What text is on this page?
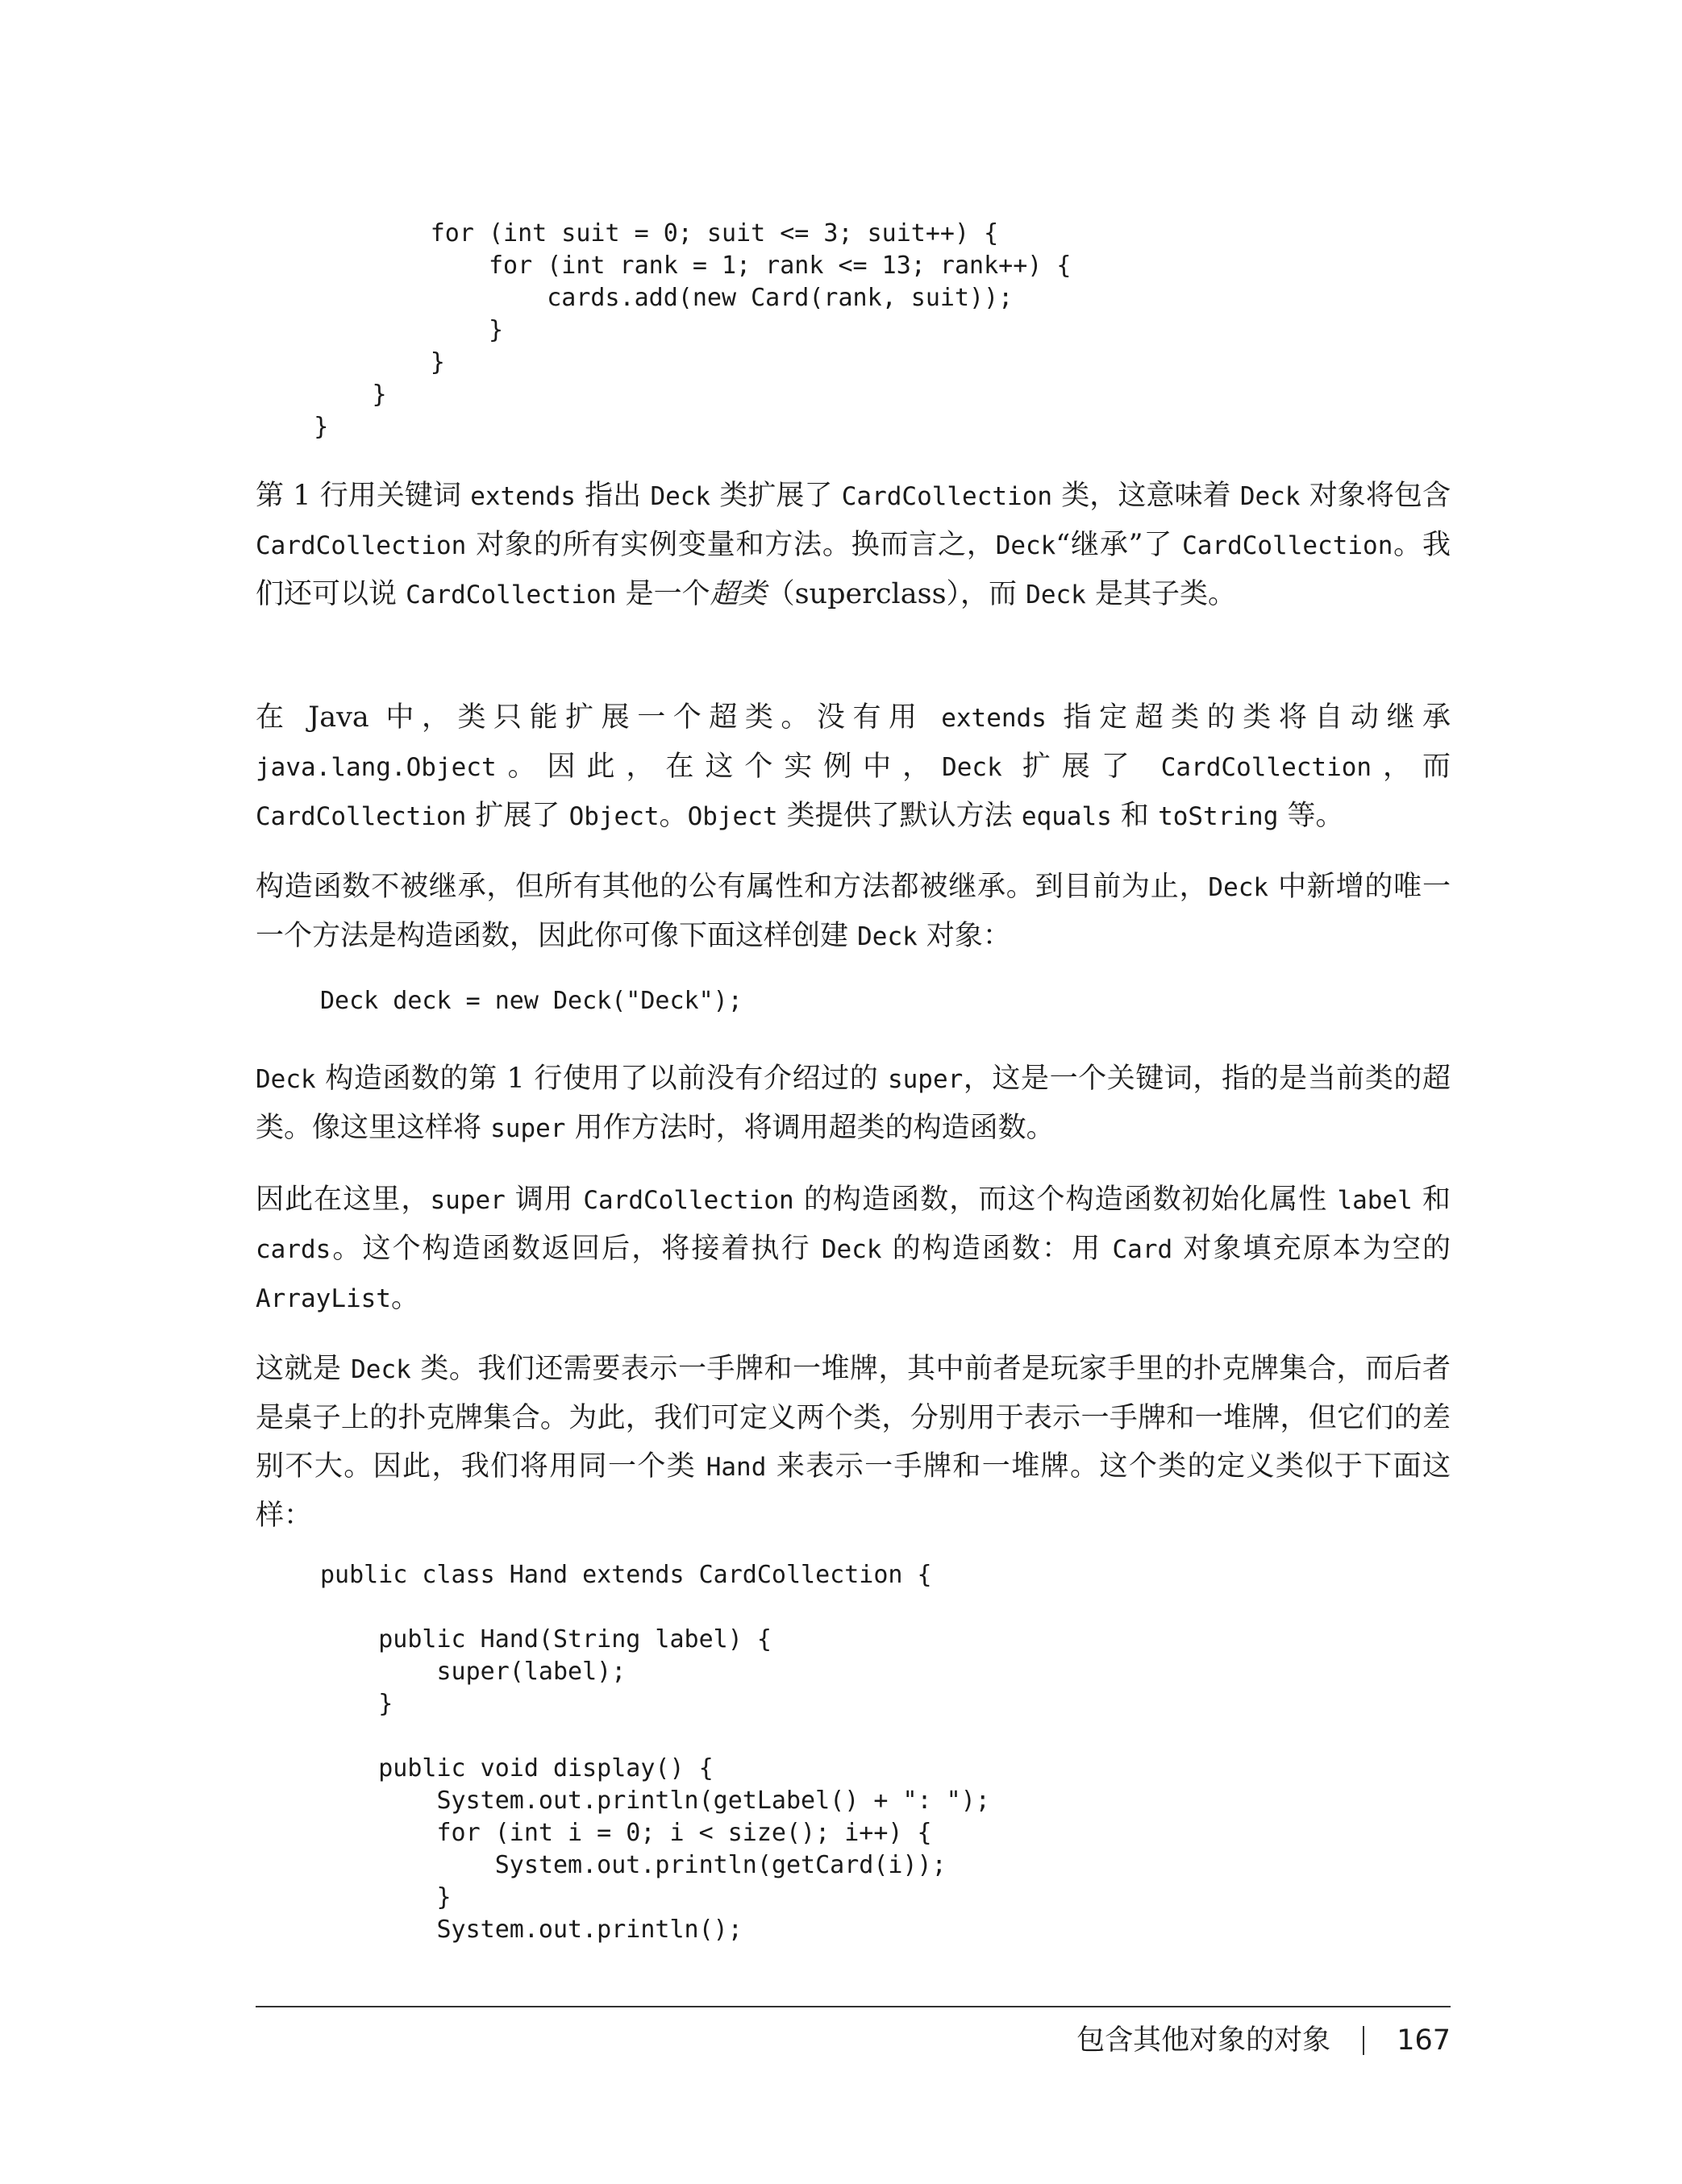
for (int suit = 0; suit <= 3; suit++) {
for (int rank = 1; rank <= 13; rank++) {
cards.add(new Card(rank, suit));
}
}
}
}

第 1 行用关键词 extends 指出 Deck 类扩展了 CardCollection 类，这意味着 Deck 对象将包含 CardCollection 对象的所有实例变量和方法。换而言之，Deck“继承”了 CardCollection。我们还可以说 CardCollection 是一个超类（superclass），而 Deck 是其子类。

在 Java 中，类只能扩展一个超类。没有用 extends 指定超类的类将自动继承 java.lang.Object。因此，在这个实例中，Deck 扩展了 CardCollection，而 CardCollection 扩展了 Object。Object 类提供了默认方法 equals 和 toString 等。

构造函数不被继承，但所有其他的公有属性和方法都被继承。到目前为止，Deck 中新增的唯一一个方法是构造函数，因此你可像下面这样创建 Deck 对象：

Deck deck = new Deck("Deck");

Deck 构造函数的第 1 行使用了以前没有介绍过的 super，这是一个关键词，指的是当前类的超类。像这里这样将 super 用作方法时，将调用超类的构造函数。

因此在这里，super 调用 CardCollection 的构造函数，而这个构造函数初始化属性 label 和 cards。这个构造函数返回后，将接着执行 Deck 的构造函数：用 Card 对象填充原本为空的 ArrayList。

这就是 Deck 类。我们还需要表示一手牌和一堆牌，其中前者是玩家手里的扑克牌集合，而后者是桌子上的扑克牌集合。为此，我们可定义两个类，分别用于表示一手牌和一堆牌，但它们的差别不大。因此，我们将用同一个类 Hand 来表示一手牌和一堆牌。这个类的定义类似于下面这样：

public class Hand extends CardCollection {

public Hand(String label) {
super(label);
}

public void display() {
System.out.println(getLabel() + ": ");
for (int i = 0; i < size(); i++) {
System.out.println(getCard(i));
}
System.out.println();
包含其他对象的对象 167
